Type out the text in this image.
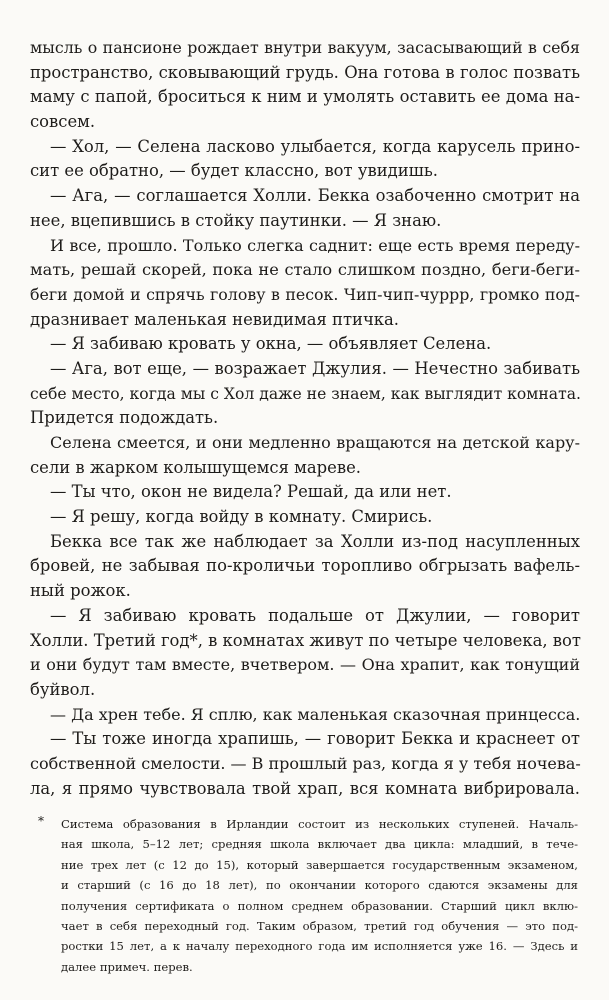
мысль о пансионе рождает внутри вакуум, засасывающий в себя
пространство, сковывающий грудь. Она готова в голос позвать
маму с папой, броситься к ним и умолять оставить ее дома на-
совсем.
— Хол, — Селена ласково улыбается, когда карусель прино-
сит ее обратно, — будет классно, вот увидишь.
— Ага, — соглашается Холли. Бекка озабоченно смотрит на
нее, вцепившись в стойку паутинки. — Я знаю.
И все, прошло. Только слегка саднит: еще есть время переду-
мать, решай скорей, пока не стало слишком поздно, беги-беги-
беги домой и спрячь голову в песок. Чип-чип-чуррр, громко под-
дразнивает маленькая невидимая птичка.
— Я забиваю кровать у окна, — объявляет Селена.
— Ага, вот еще, — возражает Джулия. — Нечестно забивать
себе место, когда мы с Хол даже не знаем, как выглядит комната.
Придется подождать.
Селена смеется, и они медленно вращаются на детской кару-
сели в жарком колышущемся мареве.
— Ты что, окон не видела? Решай, да или нет.
— Я решу, когда войду в комнату. Смирись.
Бекка все так же наблюдает за Холли из-под насупленных
бровей, не забывая по-кроличьи торопливо обгрызать вафель-
ный рожок.
— Я забиваю кровать подальше от Джулии, — говорит
Холли. Третий год*, в комнатах живут по четыре человека, вот
и они будут там вместе, вчетвером. — Она храпит, как тонущий
буйвол.
— Да хрен тебе. Я сплю, как маленькая сказочная принцесса.
— Ты тоже иногда храпишь, — говорит Бекка и краснеет от
собственной смелости. — В прошлый раз, когда я у тебя ночева-
ла, я прямо чувствовала твой храп, вся комната вибрировала.
* Система образования в Ирландии состоит из нескольких ступеней. Началь-
ная школа, 5–12 лет; средняя школа включает два цикла: младший, в тече-
ние трех лет (с 12 до 15), который завершается государственным экзаменом,
и старший (с 16 до 18 лет), по окончании которого сдаются экзамены для
получения сертификата о полном среднем образовании. Старший цикл вклю-
чает в себя переходный год. Таким образом, третий год обучения — это под-
ростки 15 лет, а к началу переходного года им исполняется уже 16. — Здесь и
далее примеч. перев.
